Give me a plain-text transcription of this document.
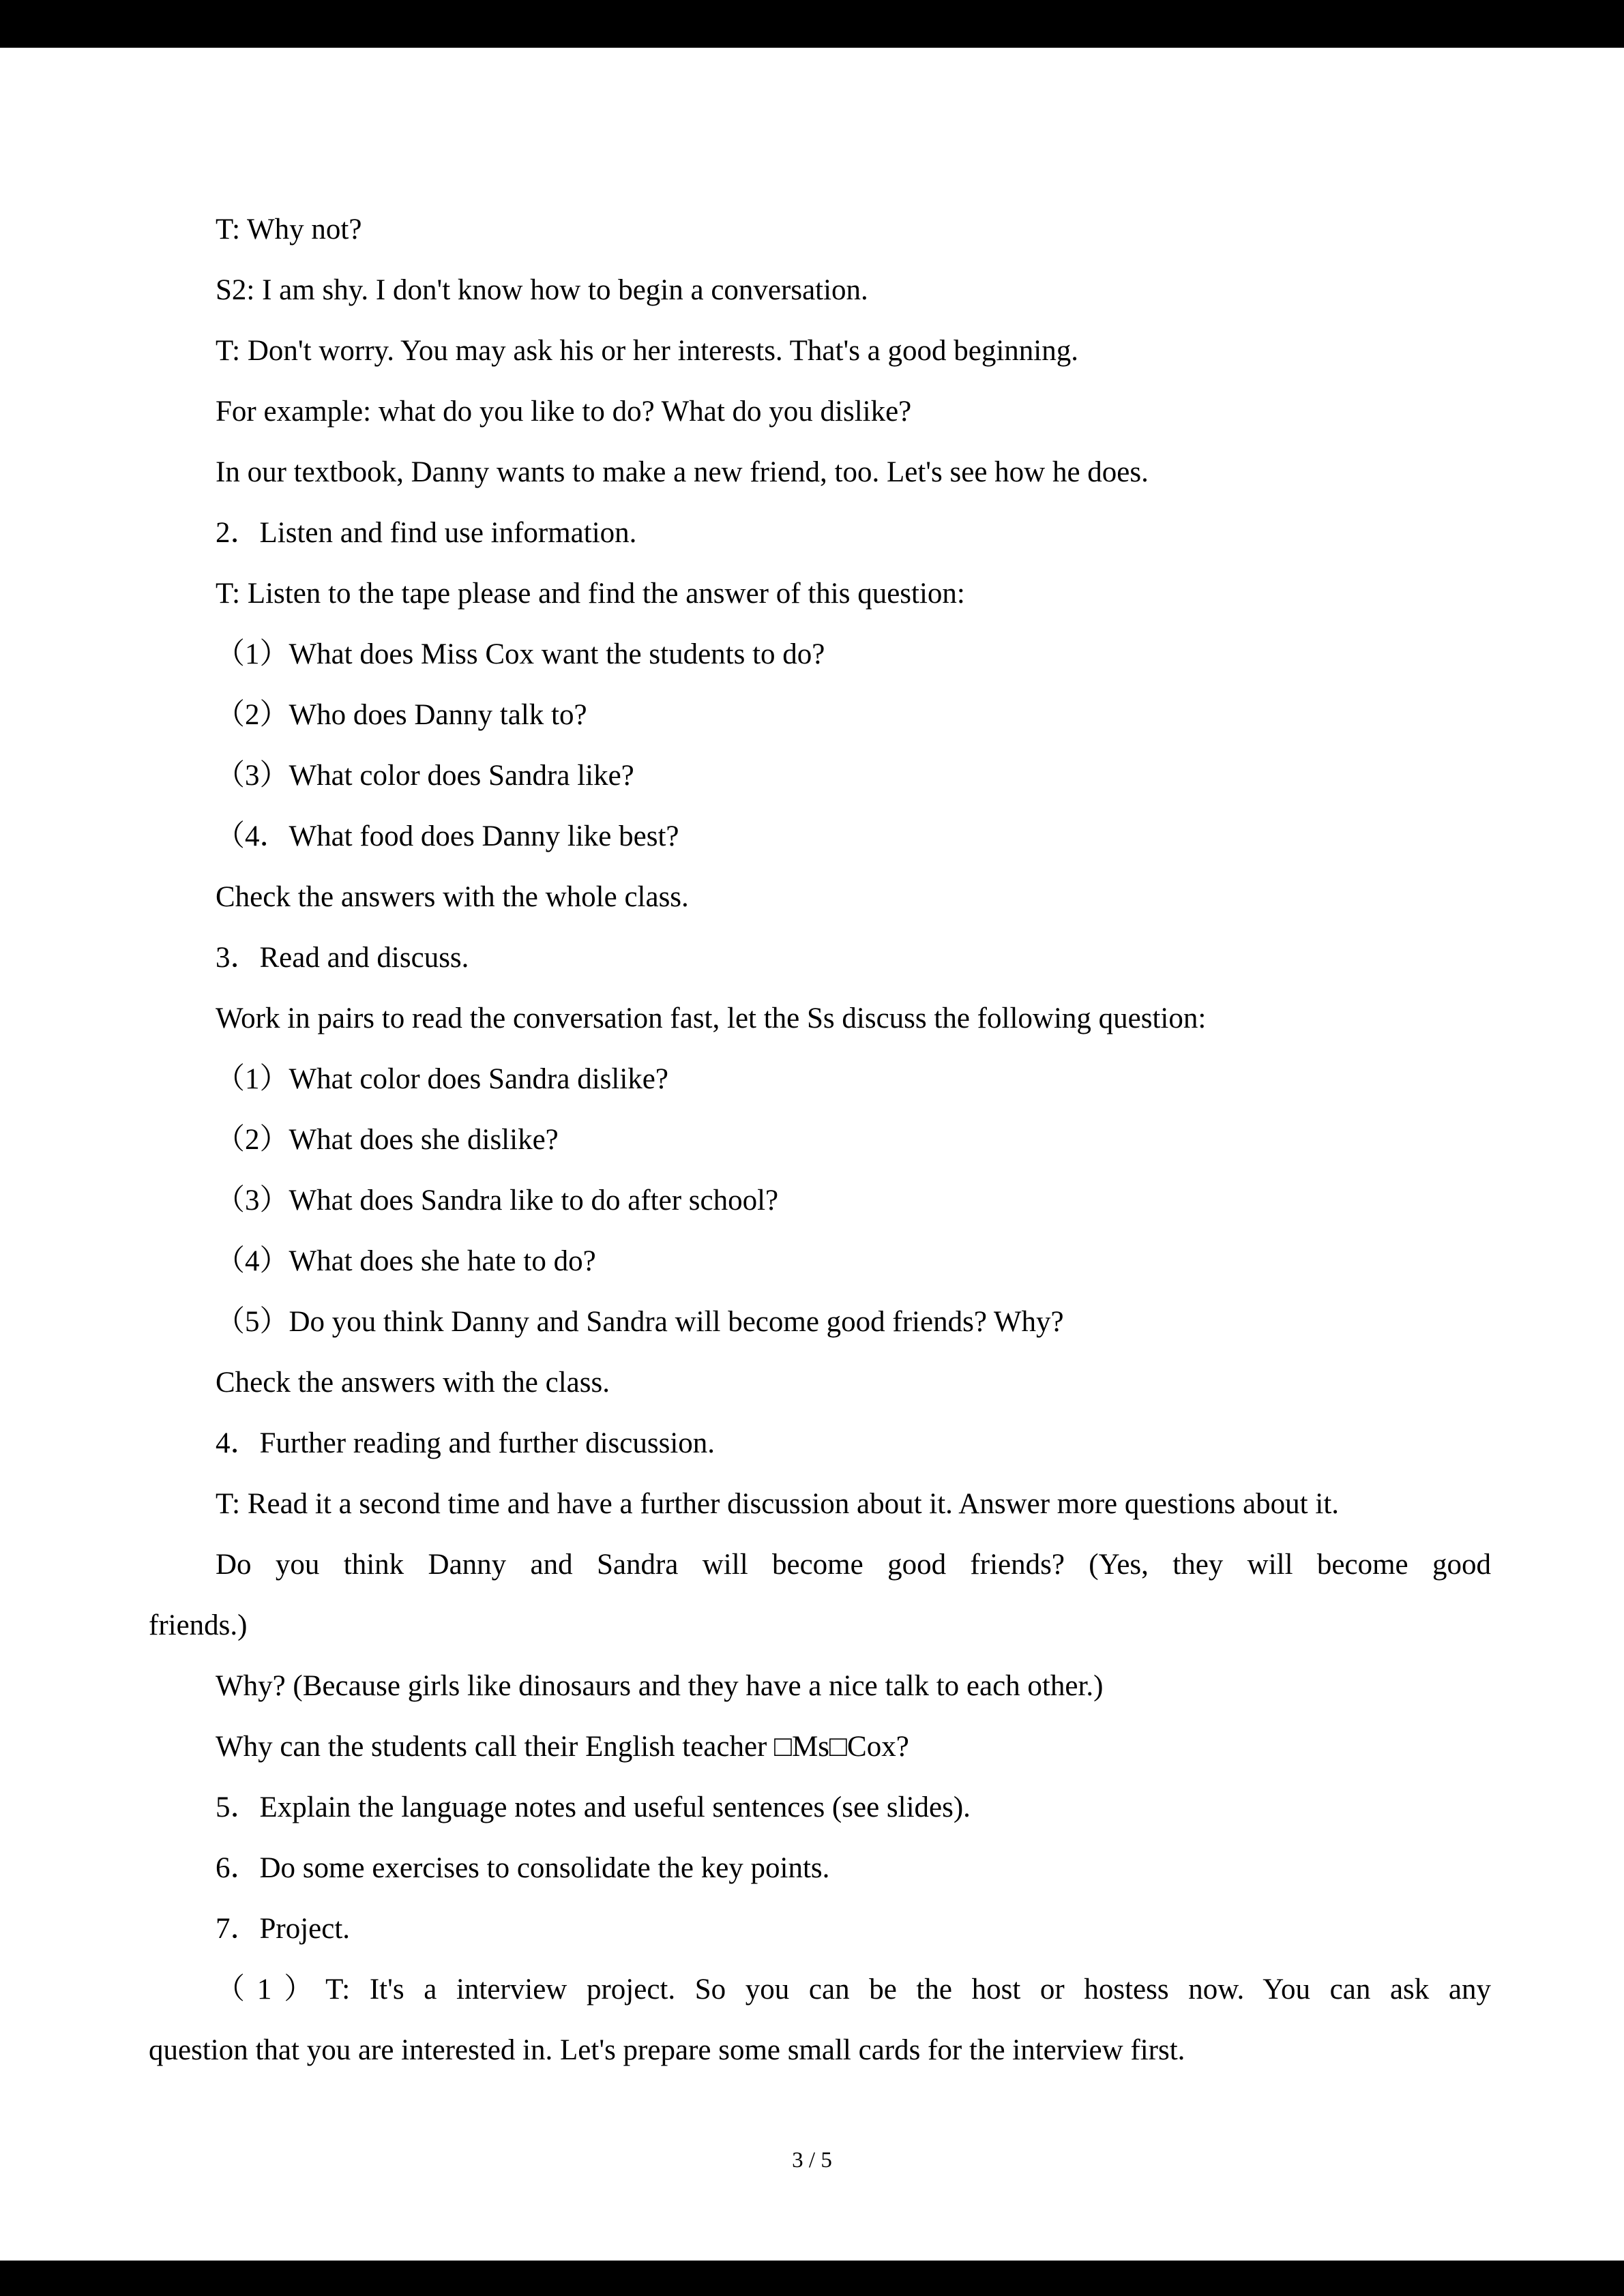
T: Why not?

S2: I am shy. I don't know how to begin a conversation.

T: Don't worry. You may ask his or her interests. That's a good beginning.

For example: what do you like to do? What do you dislike?

In our textbook, Danny wants to make a new friend, too. Let's see how he does.

2．Listen and find use information.

T: Listen to the tape please and find the answer of this question:

（1）What does Miss Cox want the students to do?

（2）Who does Danny talk to?

（3）What color does Sandra like?

（4．What food does Danny like best?

Check the answers with the whole class.

3．Read and discuss.

Work in pairs to read the conversation fast, let the Ss discuss the following question:

（1）What color does Sandra dislike?

（2）What does she dislike?

（3）What does Sandra like to do after school?

（4）What does she hate to do?

（5）Do you think Danny and Sandra will become good friends? Why?

Check the answers with the class.

4．Further reading and further discussion.

T: Read it a second time and have a further discussion about it. Answer more questions about it.

Do you think Danny and Sandra will become good friends? (Yes, they will become good
friends.)

Why? (Because girls like dinosaurs and they have a nice talk to each other.)

Why can the students call their English teacher □Ms□Cox?

5．Explain the language notes and useful sentences (see slides).

6．Do some exercises to consolidate the key points.

7．Project.

（1）T: It's a interview project. So you can be the host or hostess now. You can ask any
question that you are interested in. Let's prepare some small cards for the interview first.

3 / 5
